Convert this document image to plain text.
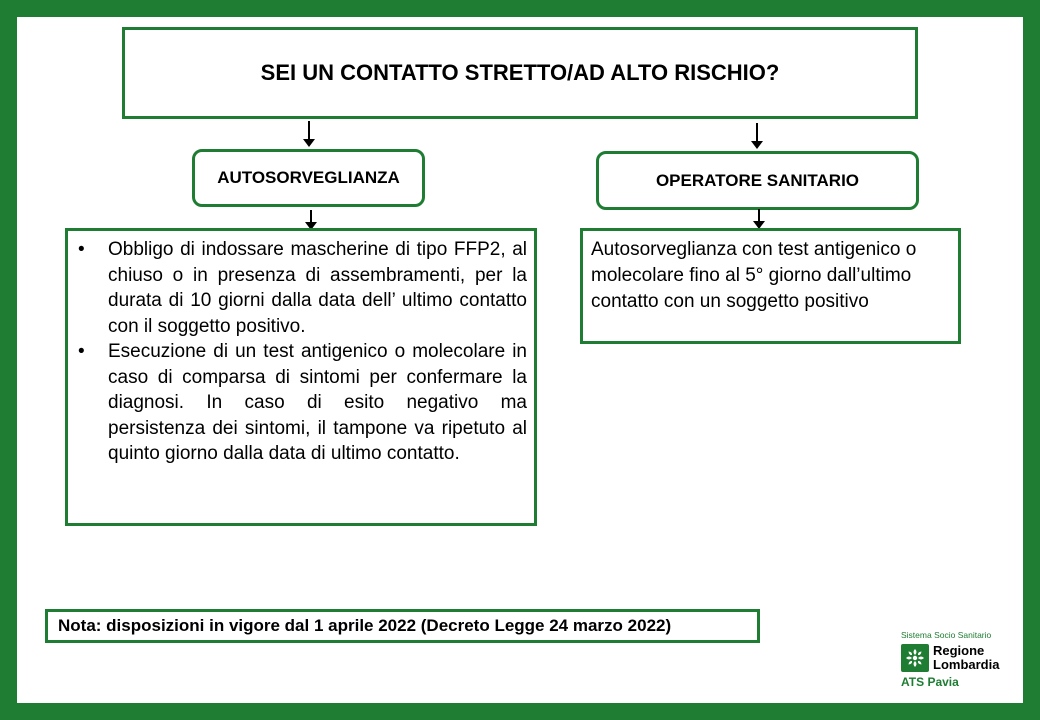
SEI UN CONTATTO STRETTO/AD ALTO RISCHIO?
AUTOSORVEGLIANZA	OPERATORE SANITARIO
• Obbligo di indossare mascherine di tipo FFP2, al chiuso o in presenza di assembramenti, per la durata di 10 giorni dalla data dell’ ultimo contatto con il soggetto positivo.
• Esecuzione di un test antigenico o molecolare in caso di comparsa di sintomi per confermare la diagnosi. In caso di esito negativo ma persistenza dei sintomi, il tampone va ripetuto al quinto giorno dalla data di ultimo contatto.
Autosorveglianza con test antigenico o molecolare fino al 5° giorno dall’ultimo contatto con un soggetto positivo
Nota: disposizioni in vigore dal 1 aprile 2022 (Decreto Legge 24 marzo 2022)	Sistema Socio Sanitario
Regione
Lombardia
ATS Pavia
